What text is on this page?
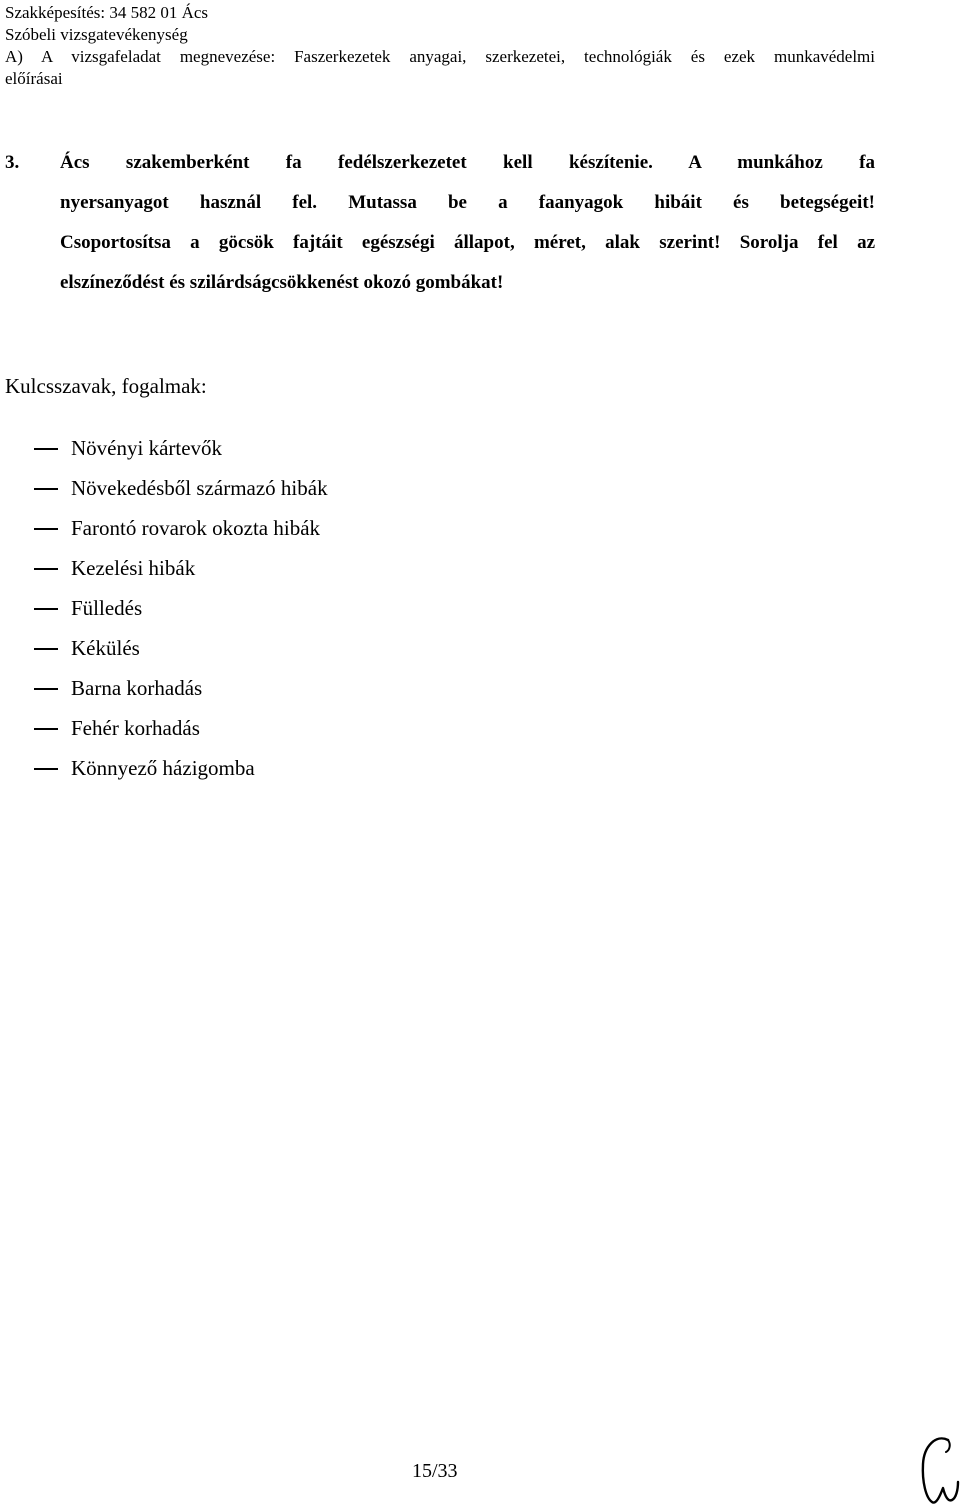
Szakképesítés: 34 582 01 Ács
Szóbeli vizsgatevékenység
A) A vizsgafeladat megnevezése: Faszerkezetek anyagai, szerkezetei, technológiák és ezek munkavédelmi
előírásai
3. Ács szakemberként fa fedélszerkezetet kell készítenie. A munkához fa
nyersanyagot használ fel. Mutassa be a faanyagok hibáit és betegségeit!
Csoportosítsa a göcsök fajtáit egészségi állapot, méret, alak szerint! Sorolja fel az
elszíneződést és szilárdságcsökkenést okozó gombákat!
Kulcsszavak, fogalmak:
Növényi kártevők
Növekedésből származó hibák
Farontó rovarok okozta hibák
Kezelési hibák
Fülledés
Kékülés
Barna korhadás
Fehér korhadás
Könnyező házigomba
15/33
